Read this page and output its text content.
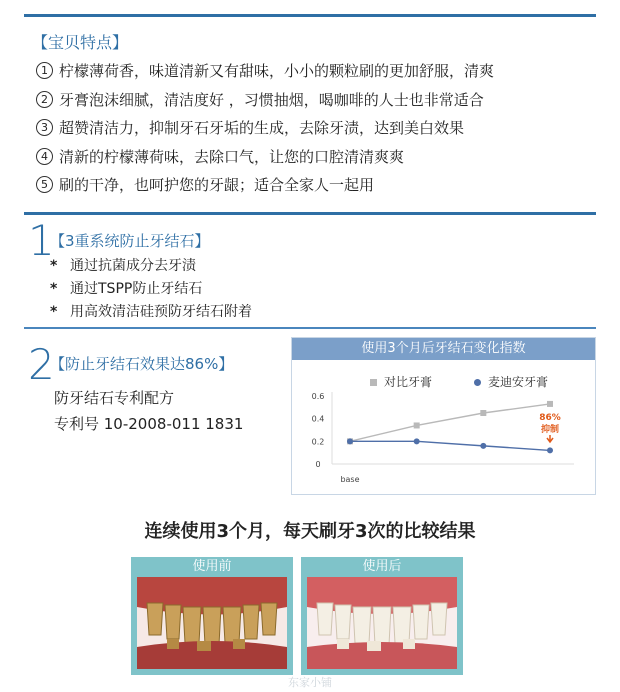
【宝贝特点】
1 柠檬薄荷香，味道清新又有甜味，小小的颗粒刷的更加舒服，清爽
2 牙膏泡沫细腻，清洁度好 ，习惯抽烟，喝咖啡的人士也非常适合
3 超赞清洁力，抑制牙石牙垢的生成，去除牙渍，达到美白效果
4 清新的柠檬薄荷味，去除口气，让您的口腔清清爽爽
5 刷的干净，也呵护您的牙龈；适合全家人一起用
1
【3重系统防止牙结石】
* 通过抗菌成分去牙渍
* 通过TSPP防止牙结石
* 用高效清洁硅预防牙结石附着
2
【防止牙结石效果达86%】
防牙结石专利配方
专利号 10-2008-011 1831
使用3个月后牙结石变化指数
0
0.2
0.4
0.6
base
对比牙膏	麦迪安牙膏
86%
抑制
连续使用3个月，每天刷牙3次的比较结果
使用前	使用后
东家小铺
